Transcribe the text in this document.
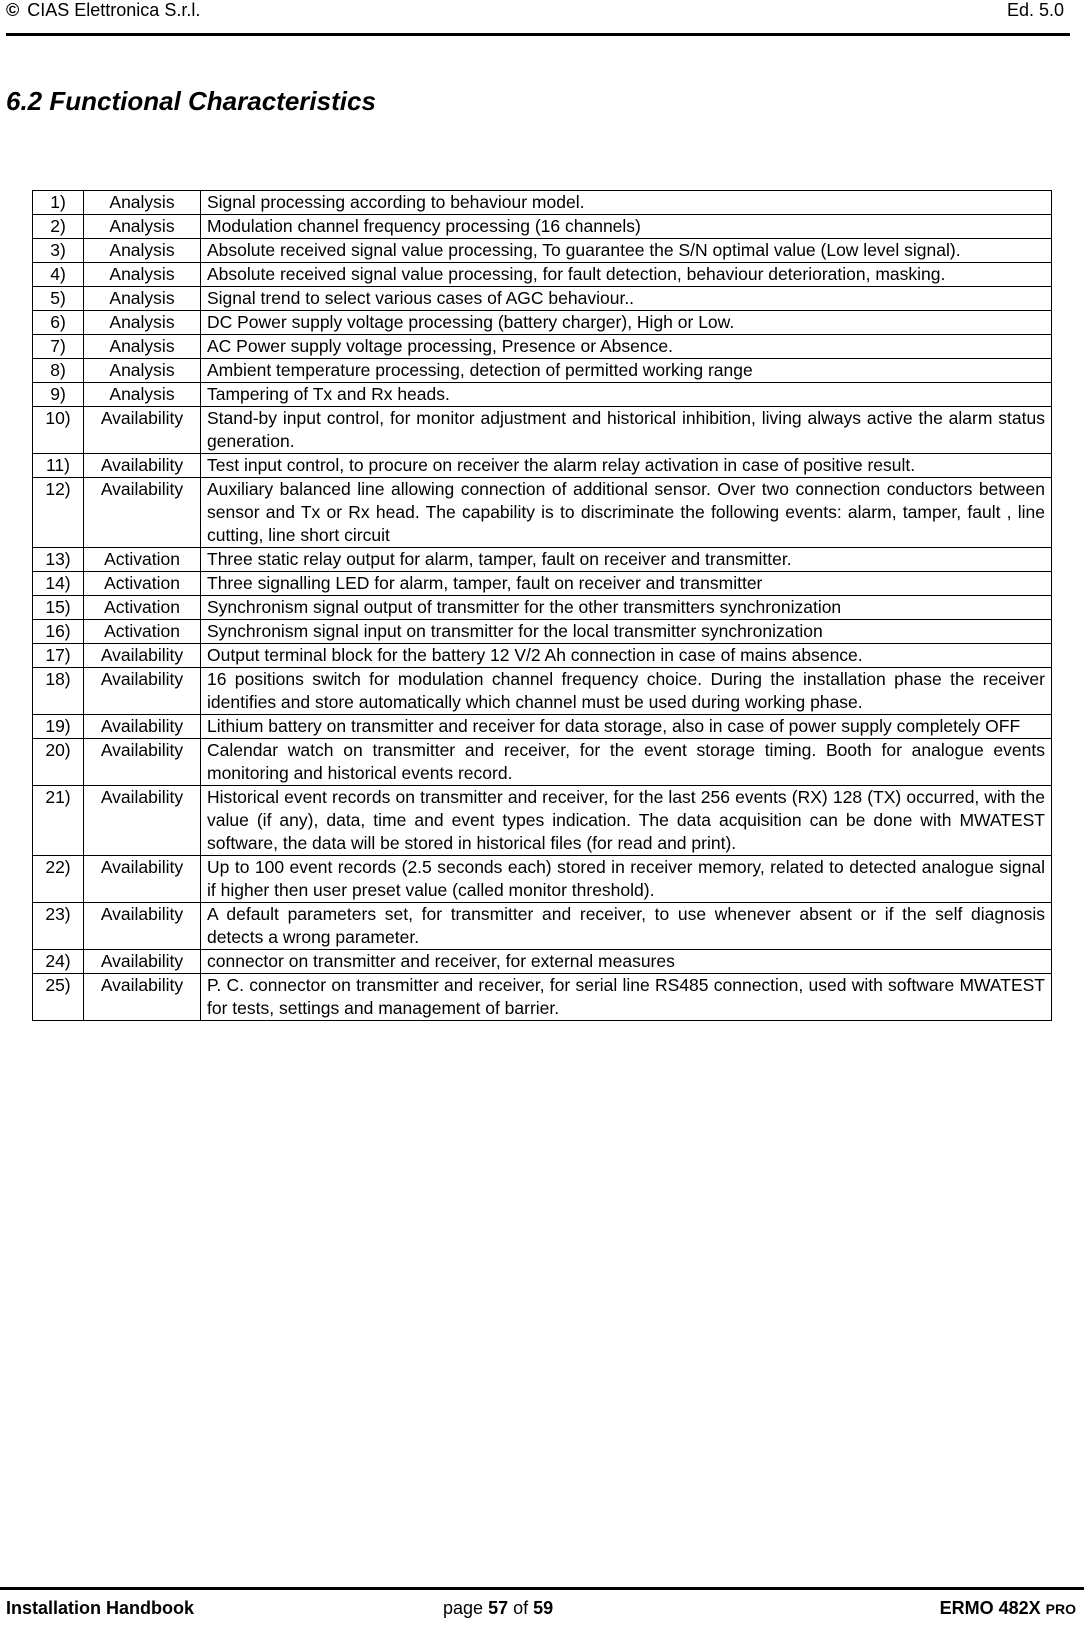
© CIAS Elettronica S.r.l.	Ed. 5.0
6.2 Functional Characteristics
1)	Analysis	Signal processing according to behaviour model.
2)	Analysis	Modulation channel frequency processing (16 channels)
3)	Analysis	Absolute received signal value processing, To guarantee the S/N optimal value (Low level signal).
4)	Analysis	Absolute received signal value processing, for fault detection, behaviour deterioration, masking.
5)	Analysis	Signal trend to select various cases of AGC behaviour..
6)	Analysis	DC Power supply voltage processing (battery charger), High or Low.
7)	Analysis	AC Power supply voltage processing, Presence or Absence.
8)	Analysis	Ambient temperature processing, detection of permitted working range
9)	Analysis	Tampering of Tx and Rx heads.
10)	Availability	Stand-by input control, for monitor adjustment and historical inhibition, living always active the alarm status generation.
11)	Availability	Test input control, to procure on receiver the alarm relay activation in case of positive result.
12)	Availability	Auxiliary balanced line allowing connection of additional sensor. Over two connection conductors between sensor and Tx or Rx head. The capability is to discriminate the following events: alarm, tamper, fault , line cutting, line short circuit
13)	Activation	Three static relay output for alarm, tamper, fault on receiver and transmitter.
14)	Activation	Three signalling LED for alarm, tamper, fault on receiver and transmitter
15)	Activation	Synchronism signal output of transmitter for the other transmitters synchronization
16)	Activation	Synchronism signal input on transmitter for the local transmitter synchronization
17)	Availability	Output terminal block for the battery 12 V/2 Ah connection in case of mains absence.
18)	Availability	16 positions switch for modulation channel frequency choice. During the installation phase the receiver identifies and store automatically which channel must be used during working phase.
19)	Availability	Lithium battery on transmitter and receiver for data storage, also in case of power supply completely OFF
20)	Availability	Calendar watch on transmitter and receiver, for the event storage timing. Booth for analogue events monitoring and historical events record.
21)	Availability	Historical event records on transmitter and receiver, for the last 256 events (RX) 128 (TX) occurred, with the value (if any), data, time and event types indication. The data acquisition can be done with MWATEST software, the data will be stored in historical files (for read and print).
22)	Availability	Up to 100 event records (2.5 seconds each) stored in receiver memory, related to detected analogue signal if higher then user preset value (called monitor threshold).
23)	Availability	A default parameters set, for transmitter and receiver, to use whenever absent or if the self diagnosis detects a wrong parameter.
24)	Availability	connector on transmitter and receiver, for external measures
25)	Availability	P. C. connector on transmitter and receiver, for serial line RS485 connection, used with software MWATEST for tests, settings and management of barrier.
Installation Handbook	page 57 of 59	ERMO 482X PRO
